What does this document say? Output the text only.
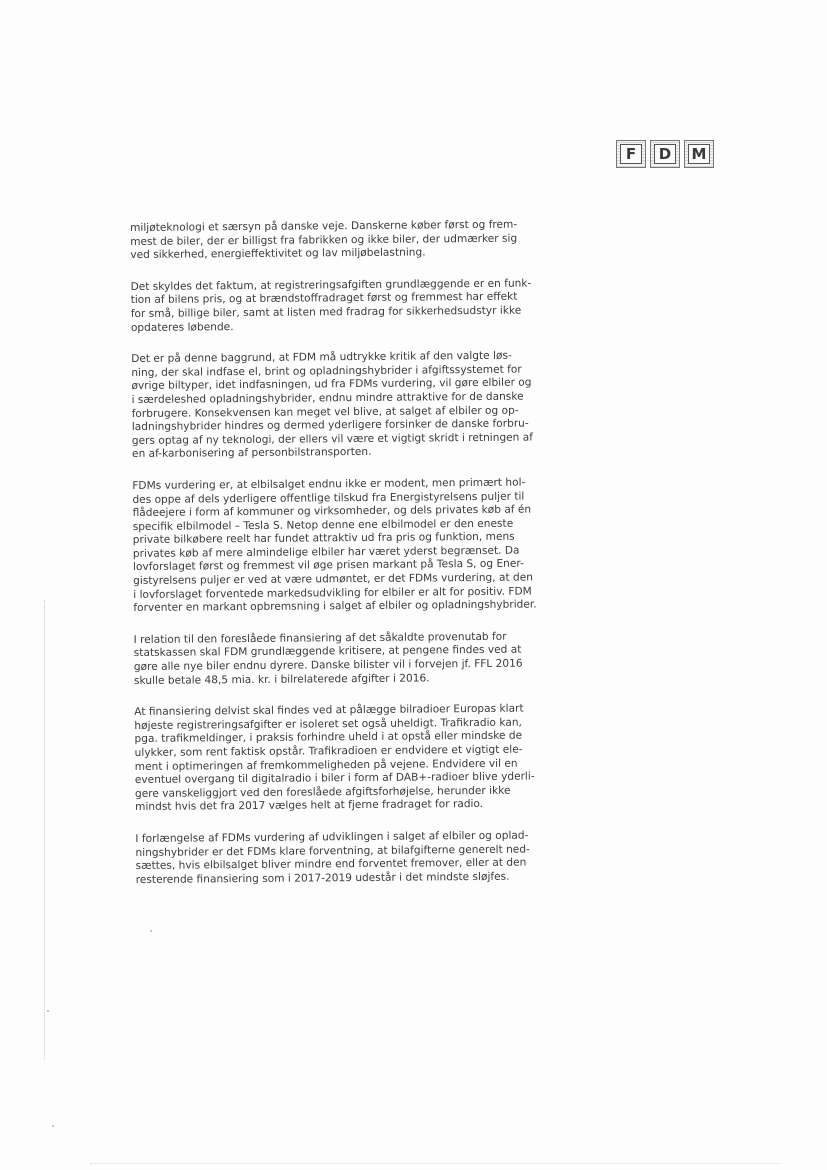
F	D	M

miljøteknologi et særsyn på danske veje. Danskerne køber først og frem-
mest de biler, der er billigst fra fabrikken og ikke biler, der udmærker sig
ved sikkerhed, energieffektivitet og lav miljøbelastning.

Det skyldes det faktum, at registreringsafgiften grundlæggende er en funk-
tion af bilens pris, og at brændstoffradraget først og fremmest har effekt
for små, billige biler, samt at listen med fradrag for sikkerhedsudstyr ikke
opdateres løbende.

Det er på denne baggrund, at FDM må udtrykke kritik af den valgte løs-
ning, der skal indfase el, brint og opladningshybrider i afgiftssystemet for
øvrige biltyper, idet indfasningen, ud fra FDMs vurdering, vil gøre elbiler og
i særdeleshed opladningshybrider, endnu mindre attraktive for de danske
forbrugere. Konsekvensen kan meget vel blive, at salget af elbiler og op-
ladningshybrider hindres og dermed yderligere forsinker de danske forbru-
gers optag af ny teknologi, der ellers vil være et vigtigt skridt i retningen af
en af-karbonisering af personbilstransporten.

FDMs vurdering er, at elbilsalget endnu ikke er modent, men primært hol-
des oppe af dels yderligere offentlige tilskud fra Energistyrelsens puljer til
flådeejere i form af kommuner og virksomheder, og dels privates køb af én
specifik elbilmodel – Tesla S. Netop denne ene elbilmodel er den eneste
private bilkøbere reelt har fundet attraktiv ud fra pris og funktion, mens
privates køb af mere almindelige elbiler har været yderst begrænset. Da
lovforslaget først og fremmest vil øge prisen markant på Tesla S, og Ener-
gistyrelsens puljer er ved at være udmøntet, er det FDMs vurdering, at den
i lovforslaget forventede markedsudvikling for elbiler er alt for positiv. FDM
forventer en markant opbremsning i salget af elbiler og opladningshybrider.

I relation til den foreslåede finansiering af det såkaldte provenutab for
statskassen skal FDM grundlæggende kritisere, at pengene findes ved at
gøre alle nye biler endnu dyrere. Danske bilister vil i forvejen jf. FFL 2016
skulle betale 48,5 mia. kr. i bilrelaterede afgifter i 2016.

At finansiering delvist skal findes ved at pålægge bilradioer Europas klart
højeste registreringsafgifter er isoleret set også uheldigt. Trafikradio kan,
pga. trafikmeldinger, i praksis forhindre uheld i at opstå eller mindske de
ulykker, som rent faktisk opstår. Trafikradioen er endvidere et vigtigt ele-
ment i optimeringen af fremkommeligheden på vejene. Endvidere vil en
eventuel overgang til digitalradio i biler i form af DAB+-radioer blive yderli-
gere vanskeliggjort ved den foreslåede afgiftsforhøjelse, herunder ikke
mindst hvis det fra 2017 vælges helt at fjerne fradraget for radio.

I forlængelse af FDMs vurdering af udviklingen i salget af elbiler og oplad-
ningshybrider er det FDMs klare forventning, at bilafgifterne generelt ned-
sættes, hvis elbilsalget bliver mindre end forventet fremover, eller at den
resterende finansiering som i 2017-2019 udestår i det mindste sløjfes.
